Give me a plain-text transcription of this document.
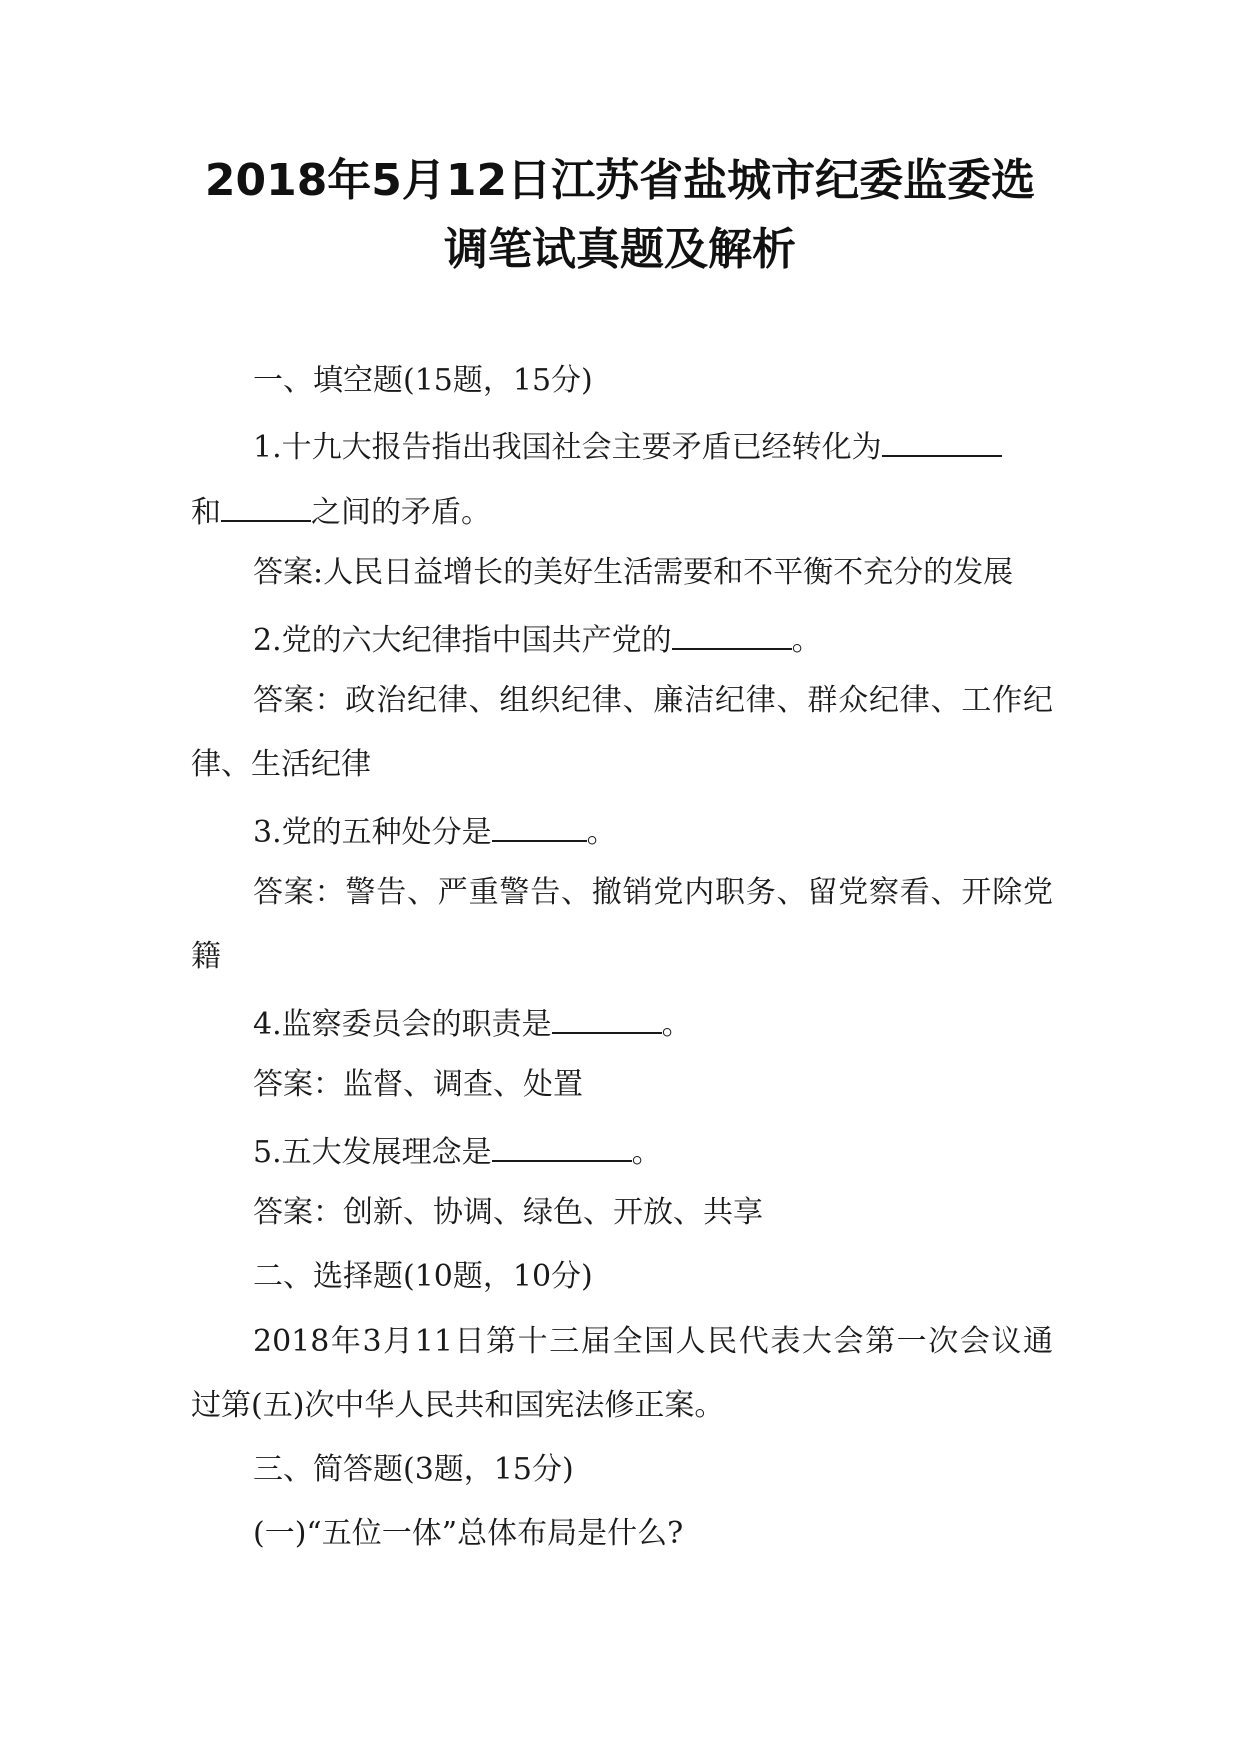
2018年5月12日江苏省盐城市纪委监委选
调笔试真题及解析
一、填空题(15题，15分)
1.十九大报告指出我国社会主要矛盾已经转化为
和	之间的矛盾。
答案:人民日益增长的美好生活需要和不平衡不充分的发展
2.党的六大纪律指中国共产党的	。
答案：政治纪律、组织纪律、廉洁纪律、群众纪律、工作纪
律、生活纪律
3.党的五种处分是	。
答案：警告、严重警告、撤销党内职务、留党察看、开除党
籍
4.监察委员会的职责是	。
答案：监督、调查、处置
5.五大发展理念是	。
答案：创新、协调、绿色、开放、共享
二、选择题(10题，10分)
2018年3月11日第十三届全国人民代表大会第一次会议通
过第(五)次中华人民共和国宪法修正案。
三、简答题(3题，15分)
(一)“五位一体”总体布局是什么?
